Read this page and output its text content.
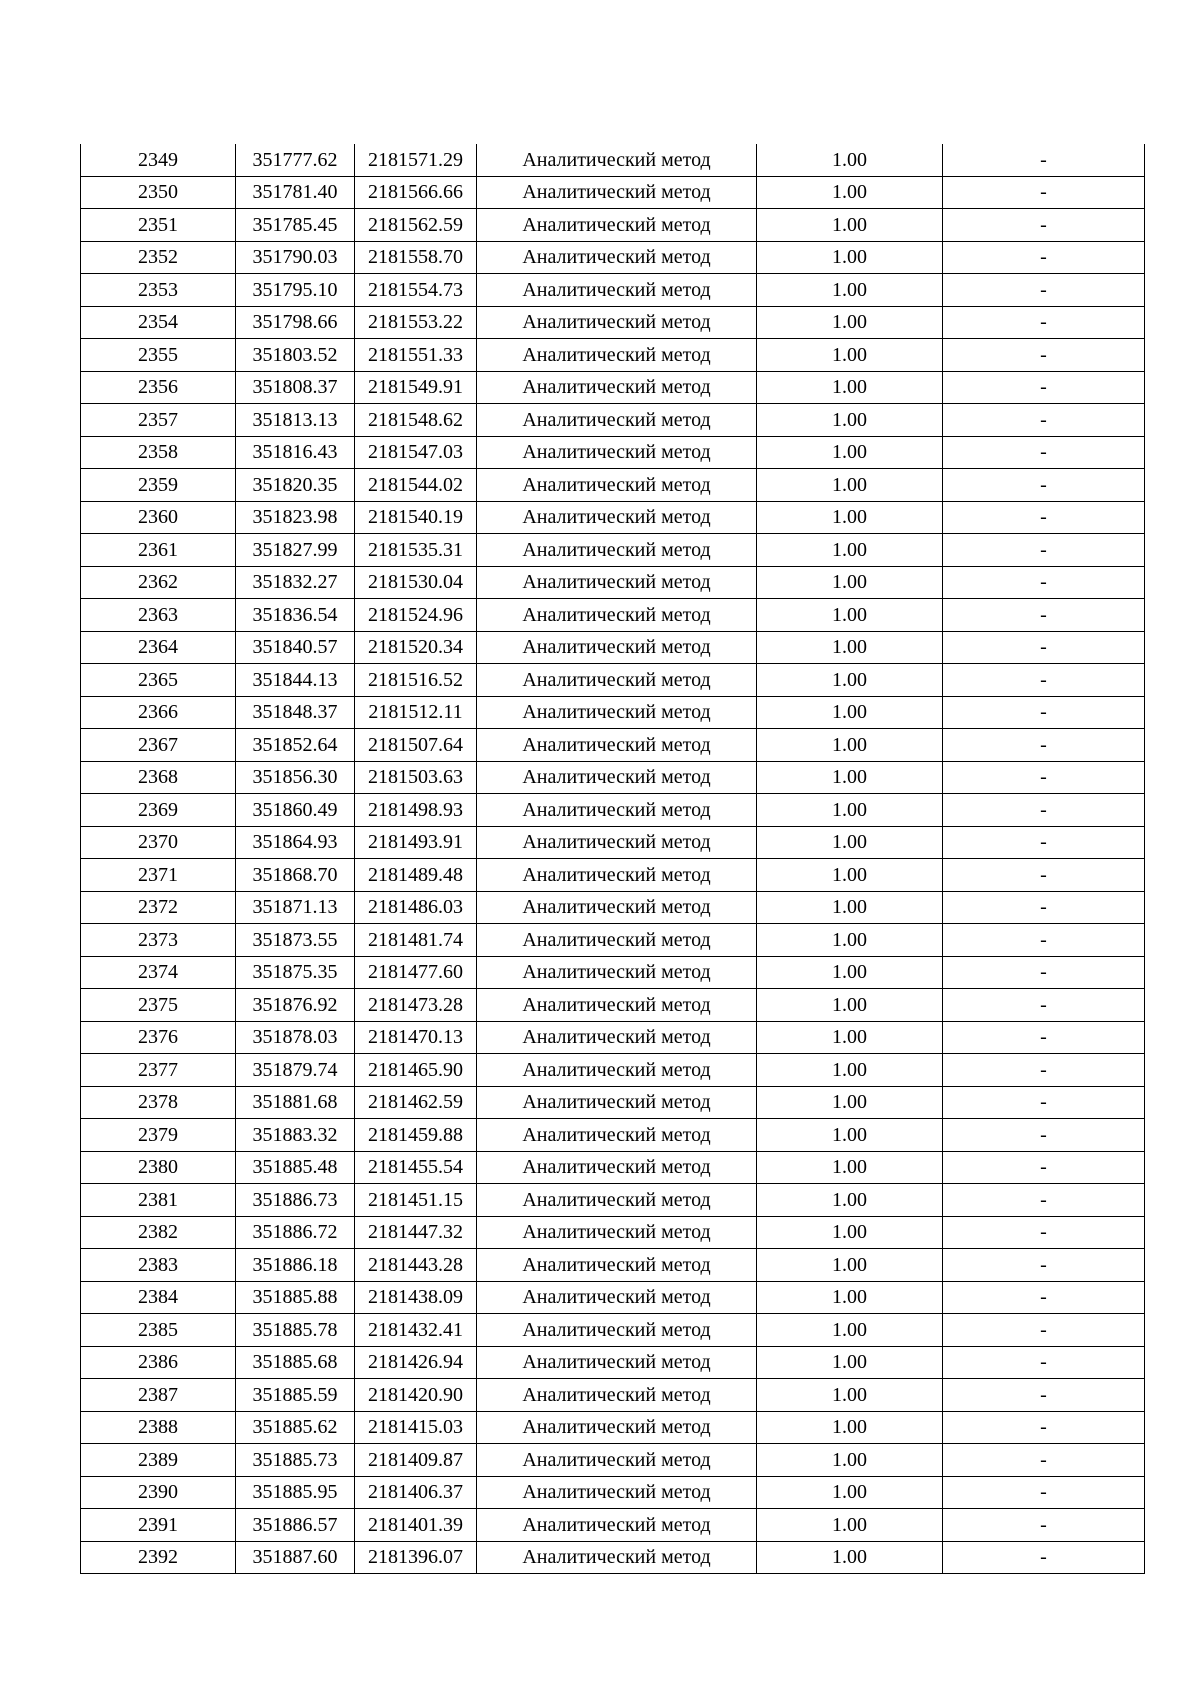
2349	351777.62	2181571.29	Аналитический метод	1.00	-
2350	351781.40	2181566.66	Аналитический метод	1.00	-
2351	351785.45	2181562.59	Аналитический метод	1.00	-
2352	351790.03	2181558.70	Аналитический метод	1.00	-
2353	351795.10	2181554.73	Аналитический метод	1.00	-
2354	351798.66	2181553.22	Аналитический метод	1.00	-
2355	351803.52	2181551.33	Аналитический метод	1.00	-
2356	351808.37	2181549.91	Аналитический метод	1.00	-
2357	351813.13	2181548.62	Аналитический метод	1.00	-
2358	351816.43	2181547.03	Аналитический метод	1.00	-
2359	351820.35	2181544.02	Аналитический метод	1.00	-
2360	351823.98	2181540.19	Аналитический метод	1.00	-
2361	351827.99	2181535.31	Аналитический метод	1.00	-
2362	351832.27	2181530.04	Аналитический метод	1.00	-
2363	351836.54	2181524.96	Аналитический метод	1.00	-
2364	351840.57	2181520.34	Аналитический метод	1.00	-
2365	351844.13	2181516.52	Аналитический метод	1.00	-
2366	351848.37	2181512.11	Аналитический метод	1.00	-
2367	351852.64	2181507.64	Аналитический метод	1.00	-
2368	351856.30	2181503.63	Аналитический метод	1.00	-
2369	351860.49	2181498.93	Аналитический метод	1.00	-
2370	351864.93	2181493.91	Аналитический метод	1.00	-
2371	351868.70	2181489.48	Аналитический метод	1.00	-
2372	351871.13	2181486.03	Аналитический метод	1.00	-
2373	351873.55	2181481.74	Аналитический метод	1.00	-
2374	351875.35	2181477.60	Аналитический метод	1.00	-
2375	351876.92	2181473.28	Аналитический метод	1.00	-
2376	351878.03	2181470.13	Аналитический метод	1.00	-
2377	351879.74	2181465.90	Аналитический метод	1.00	-
2378	351881.68	2181462.59	Аналитический метод	1.00	-
2379	351883.32	2181459.88	Аналитический метод	1.00	-
2380	351885.48	2181455.54	Аналитический метод	1.00	-
2381	351886.73	2181451.15	Аналитический метод	1.00	-
2382	351886.72	2181447.32	Аналитический метод	1.00	-
2383	351886.18	2181443.28	Аналитический метод	1.00	-
2384	351885.88	2181438.09	Аналитический метод	1.00	-
2385	351885.78	2181432.41	Аналитический метод	1.00	-
2386	351885.68	2181426.94	Аналитический метод	1.00	-
2387	351885.59	2181420.90	Аналитический метод	1.00	-
2388	351885.62	2181415.03	Аналитический метод	1.00	-
2389	351885.73	2181409.87	Аналитический метод	1.00	-
2390	351885.95	2181406.37	Аналитический метод	1.00	-
2391	351886.57	2181401.39	Аналитический метод	1.00	-
2392	351887.60	2181396.07	Аналитический метод	1.00	-
